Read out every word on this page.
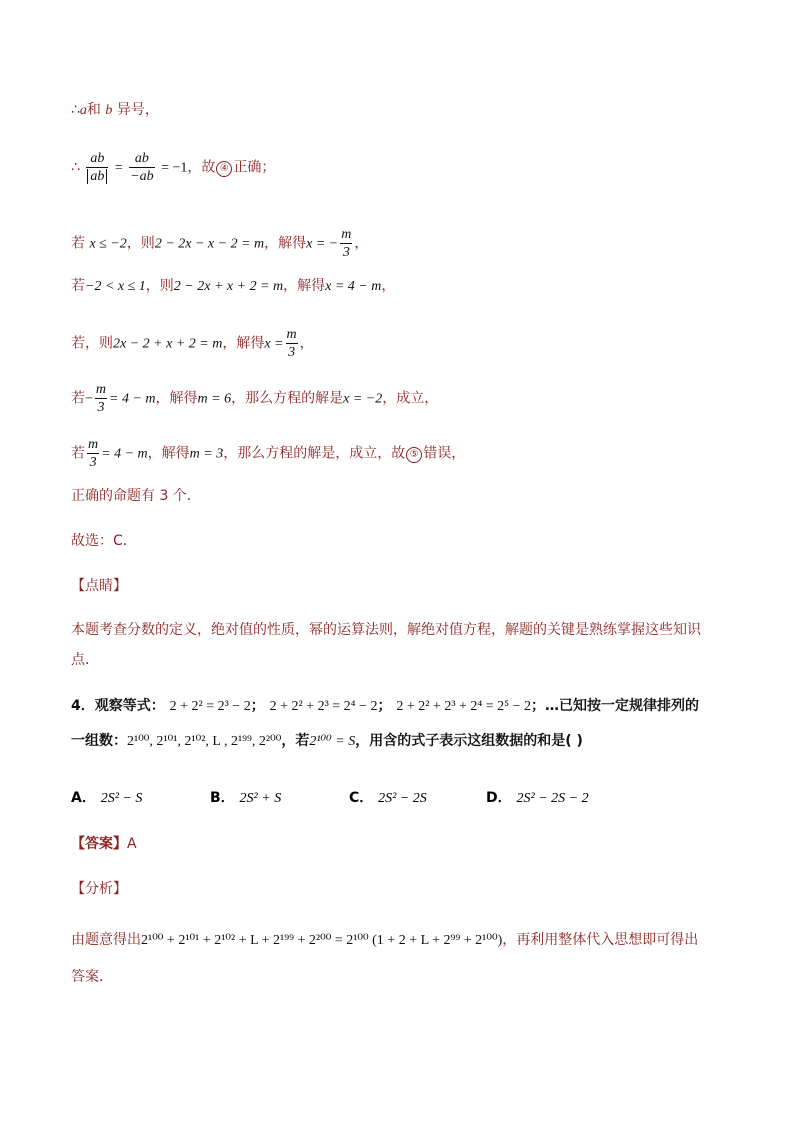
∴a和 b 异号，
∴ $\frac{ab}{ab} = \frac{ab}{-ab} = -1$，故 ④ 正确；
若 x ≤ −2，则2 − 2x − x − 2 = m，解得x = − $\frac{m}{3}$ ，
若−2 < x ≤ 1，则2 − 2x + x + 2 = m，解得x = 4 − m，
若，则2x − 2 + x + 2 = m，解得$x = \frac{m}{3}$ ，
若− $\frac{m}{3} = 4 - m$，解得m = 6，那么方程的解是x = −2，成立，
若 $\frac{m}{3} = 4 - m$，解得m = 3，那么方程的解是，成立，故 ⑤ 错误，
正确的命题有 3 个．
故选：C．
【点睛】
本题考查分数的定义，绝对值的性质，幂的运算法则，解绝对值方程，解题的关键是熟练掌握这些知识点．
4．观察等式： 2 + 2² = 2³ − 2； 2 + 2² + 2³ = 2⁴ − 2； 2 + 2² + 2³ + 2⁴ = 2⁵ − 2；…已知按一定规律排列的
一组数：2¹⁰⁰, 2¹⁰¹, 2¹⁰², L , 2¹⁹⁹, 2²⁰⁰，若2¹⁰⁰ = S，用含的式子表示这组数据的和是( )
A． 2S² − S	B． 2S² + S	C． 2S² − 2S	D． 2S² − 2S − 2
【答案】A
【分析】
由题意得出2¹⁰⁰ + 2¹⁰¹ + 2¹⁰² + L + 2¹⁹⁹ + 2²⁰⁰ = 2¹⁰⁰ (1 + 2 + L + 2⁹⁹ + 2¹⁰⁰)，再利用整体代入思想即可得出
答案．
